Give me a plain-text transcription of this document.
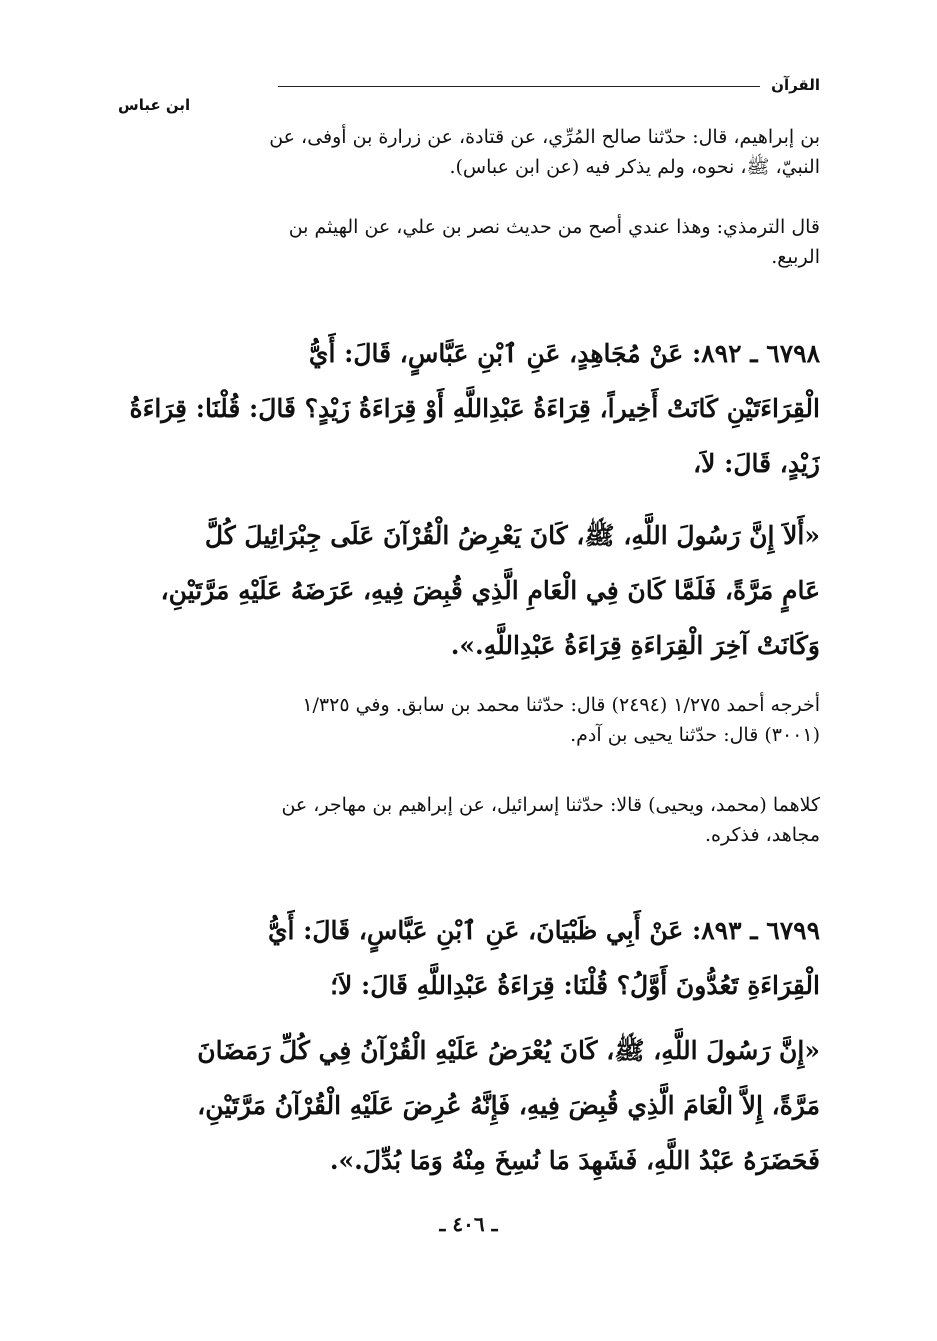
القرآن
ابن عباس
بن إبراهيم، قال: حدّثنا صالح المُرِّي، عن قتادة، عن زرارة بن أوفى، عن
النبيّ، ﷺ، نحوه، ولم يذكر فيه (عن ابن عباس).
قال الترمذي: وهذا عندي أصح من حديث نصر بن علي، عن الهيثم بن
الربيع.
٦٧٩٨ ـ ٨٩٢: عَنْ مُجَاهِدٍ، عَنِ ٱبْنِ عَبَّاسٍ، قَالَ: أَيُّ
الْقِرَاءَتَيْنِ كَانَتْ أَخِيراً، قِرَاءَةُ عَبْدِاللَّهِ أَوْ قِرَاءَةُ زَيْدٍ؟ قَالَ: قُلْنَا: قِرَاءَةُ
زَيْدٍ، قَالَ: لاَ،
«أَلاَ إِنَّ رَسُولَ اللَّهِ، ﷺ، كَانَ يَعْرِضُ الْقُرْآنَ عَلَى جِبْرَائِيلَ كُلَّ
عَامٍ مَرَّةً، فَلَمَّا كَانَ فِي الْعَامِ الَّذِي قُبِضَ فِيهِ، عَرَضَهُ عَلَيْهِ مَرَّتَيْنِ،
وَكَانَتْ آخِرَ الْقِرَاءَةِ قِرَاءَةُ عَبْدِاللَّهِ.».
أخرجه أحمد ١/٢٧٥ (٢٤٩٤) قال: حدّثنا محمد بن سابق. وفي ١/٣٢٥
(٣٠٠١) قال: حدّثنا يحيى بن آدم.
كلاهما (محمد، ويحيى) قالا: حدّثنا إسرائيل، عن إبراهيم بن مهاجر، عن
مجاهد، فذكره.
٦٧٩٩ ـ ٨٩٣: عَنْ أَبِي ظَبْيَانَ، عَنِ ٱبْنِ عَبَّاسٍ، قَالَ: أَيُّ
الْقِرَاءَةِ تَعُدُّونَ أَوَّلُ؟ قُلْنَا: قِرَاءَةُ عَبْدِاللَّهِ قَالَ: لاَ؛
«إِنَّ رَسُولَ اللَّهِ، ﷺ، كَانَ يُعْرَضُ عَلَيْهِ الْقُرْآنُ فِي كُلِّ رَمَضَانَ
مَرَّةً، إِلاَّ الْعَامَ الَّذِي قُبِضَ فِيهِ، فَإِنَّهُ عُرِضَ عَلَيْهِ الْقُرْآنُ مَرَّتَيْنِ،
فَحَضَرَهُ عَبْدُ اللَّهِ، فَشَهِدَ مَا نُسِخَ مِنْهُ وَمَا بُدِّلَ.».
ـ ٤٠٦ ـ
